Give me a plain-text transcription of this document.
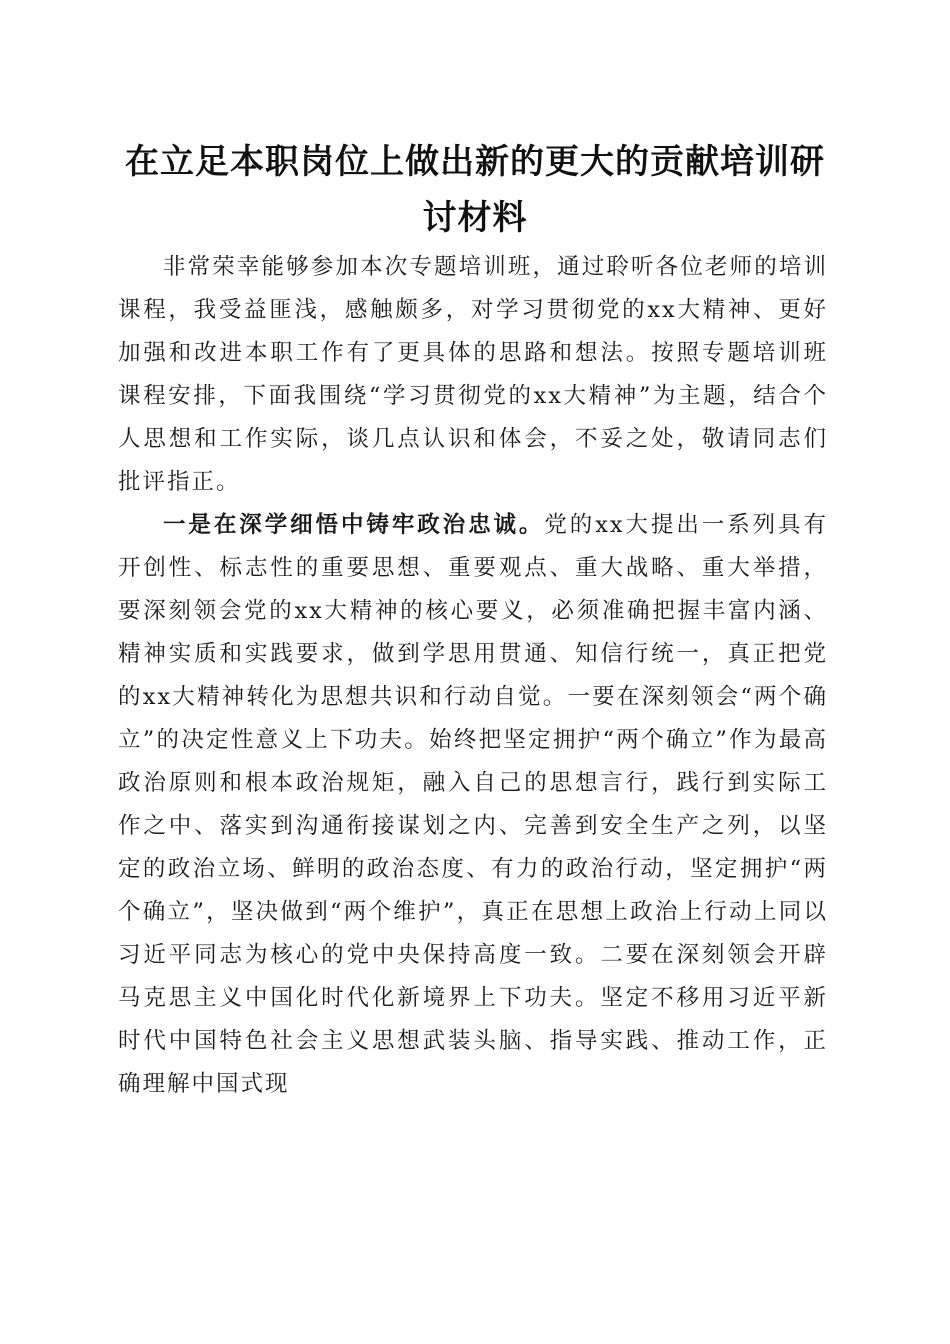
在立足本职岗位上做出新的更大的贡献培训研讨材料

非常荣幸能够参加本次专题培训班，通过聆听各位老师的培训课程，我受益匪浅，感触颇多，对学习贯彻党的xx大精神、更好加强和改进本职工作有了更具体的思路和想法。按照专题培训班课程安排，下面我围绕“学习贯彻党的xx大精神”为主题，结合个人思想和工作实际，谈几点认识和体会，不妥之处，敬请同志们批评指正。

一是在深学细悟中铸牢政治忠诚。党的xx大提出一系列具有开创性、标志性的重要思想、重要观点、重大战略、重大举措，要深刻领会党的xx大精神的核心要义，必须准确把握丰富内涵、精神实质和实践要求，做到学思用贯通、知信行统一，真正把党的xx大精神转化为思想共识和行动自觉。一要在深刻领会“两个确立”的决定性意义上下功夫。始终把坚定拥护“两个确立”作为最高政治原则和根本政治规矩，融入自己的思想言行，践行到实际工作之中、落实到沟通衔接谋划之内、完善到安全生产之列，以坚定的政治立场、鲜明的政治态度、有力的政治行动，坚定拥护“两个确立”，坚决做到“两个维护”，真正在思想上政治上行动上同以习近平同志为核心的党中央保持高度一致。二要在深刻领会开辟马克思主义中国化时代化新境界上下功夫。坚定不移用习近平新时代中国特色社会主义思想武装头脑、指导实践、推动工作，正确理解中国式现
